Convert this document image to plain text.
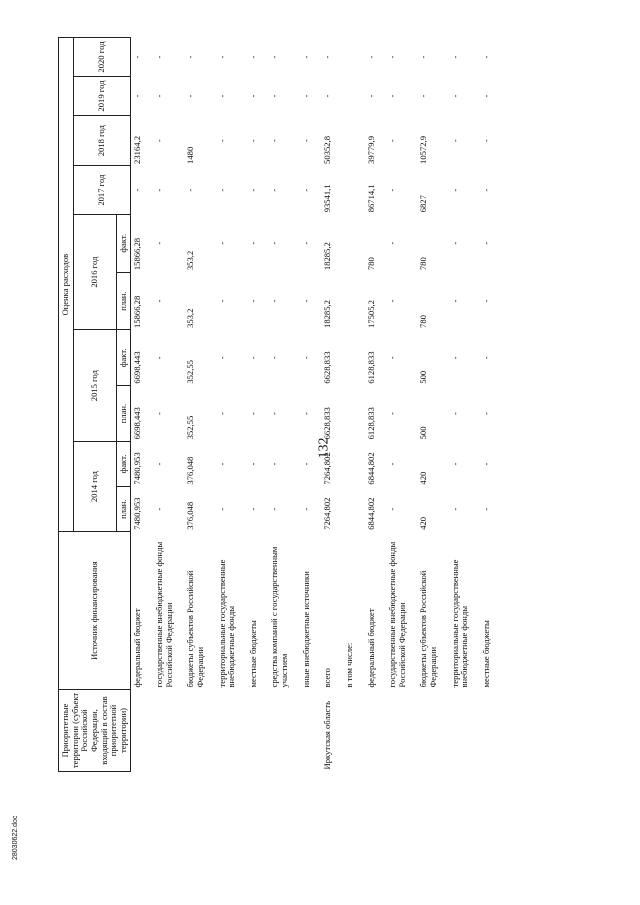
132
Приоритетные территории (субъект Российской Федерации, входящий в состав приоритетной территории)	Источник финансирования	Оценка расходов									
		2014 год		2015 год		2016 год		2017 год	2018 год	2019 год	2020 год
		план.	факт.	план.	факт.	план.	факт.				
	федеральный бюджет	7480,953	7480,953	6698,443	6698,443	15866,28	15866,28	-	23164,2	-	-

	государственные внебюджетные фонды Российской Федерации	-	-	-	-	-	-	-	-	-	-

	бюджеты субъектов Российской Федерации	376,048	376,048	352,55	352,55	353,2	353,2	-	1480	-	-

	территориальные государственные внебюджетные фонды	-	-	-	-	-	-	-	-	-	-

	местные бюджеты	-	-	-	-	-	-	-	-	-	-

	средства компаний с государственным участием	-	-	-	-	-	-	-	-	-	-

	иные внебюджетные источники	-	-	-	-	-	-	-	-	-	-

Иркутская область	всего	7264,802	7264,802	6628,833	6628,833	18285,2	18285,2	93541,1	50352,8	-	-

	в том числе:										

	федеральный бюджет	6844,802	6844,802	6128,833	6128,833	17505,2	780	86714,1	39779,9	-	-

	государственные внебюджетные фонды Российской Федерации	-	-	-	-	-	-	-	-	-	-

	бюджеты субъектов Российской Федерации	420	420	500	500	780	780	6827	10572,9	-	-

	территориальные государственные внебюджетные фонды	-	-	-	-	-	-	-	-	-	-

	местные бюджеты	-	-	-	-	-	-	-	-	-	-
28030622.doc
